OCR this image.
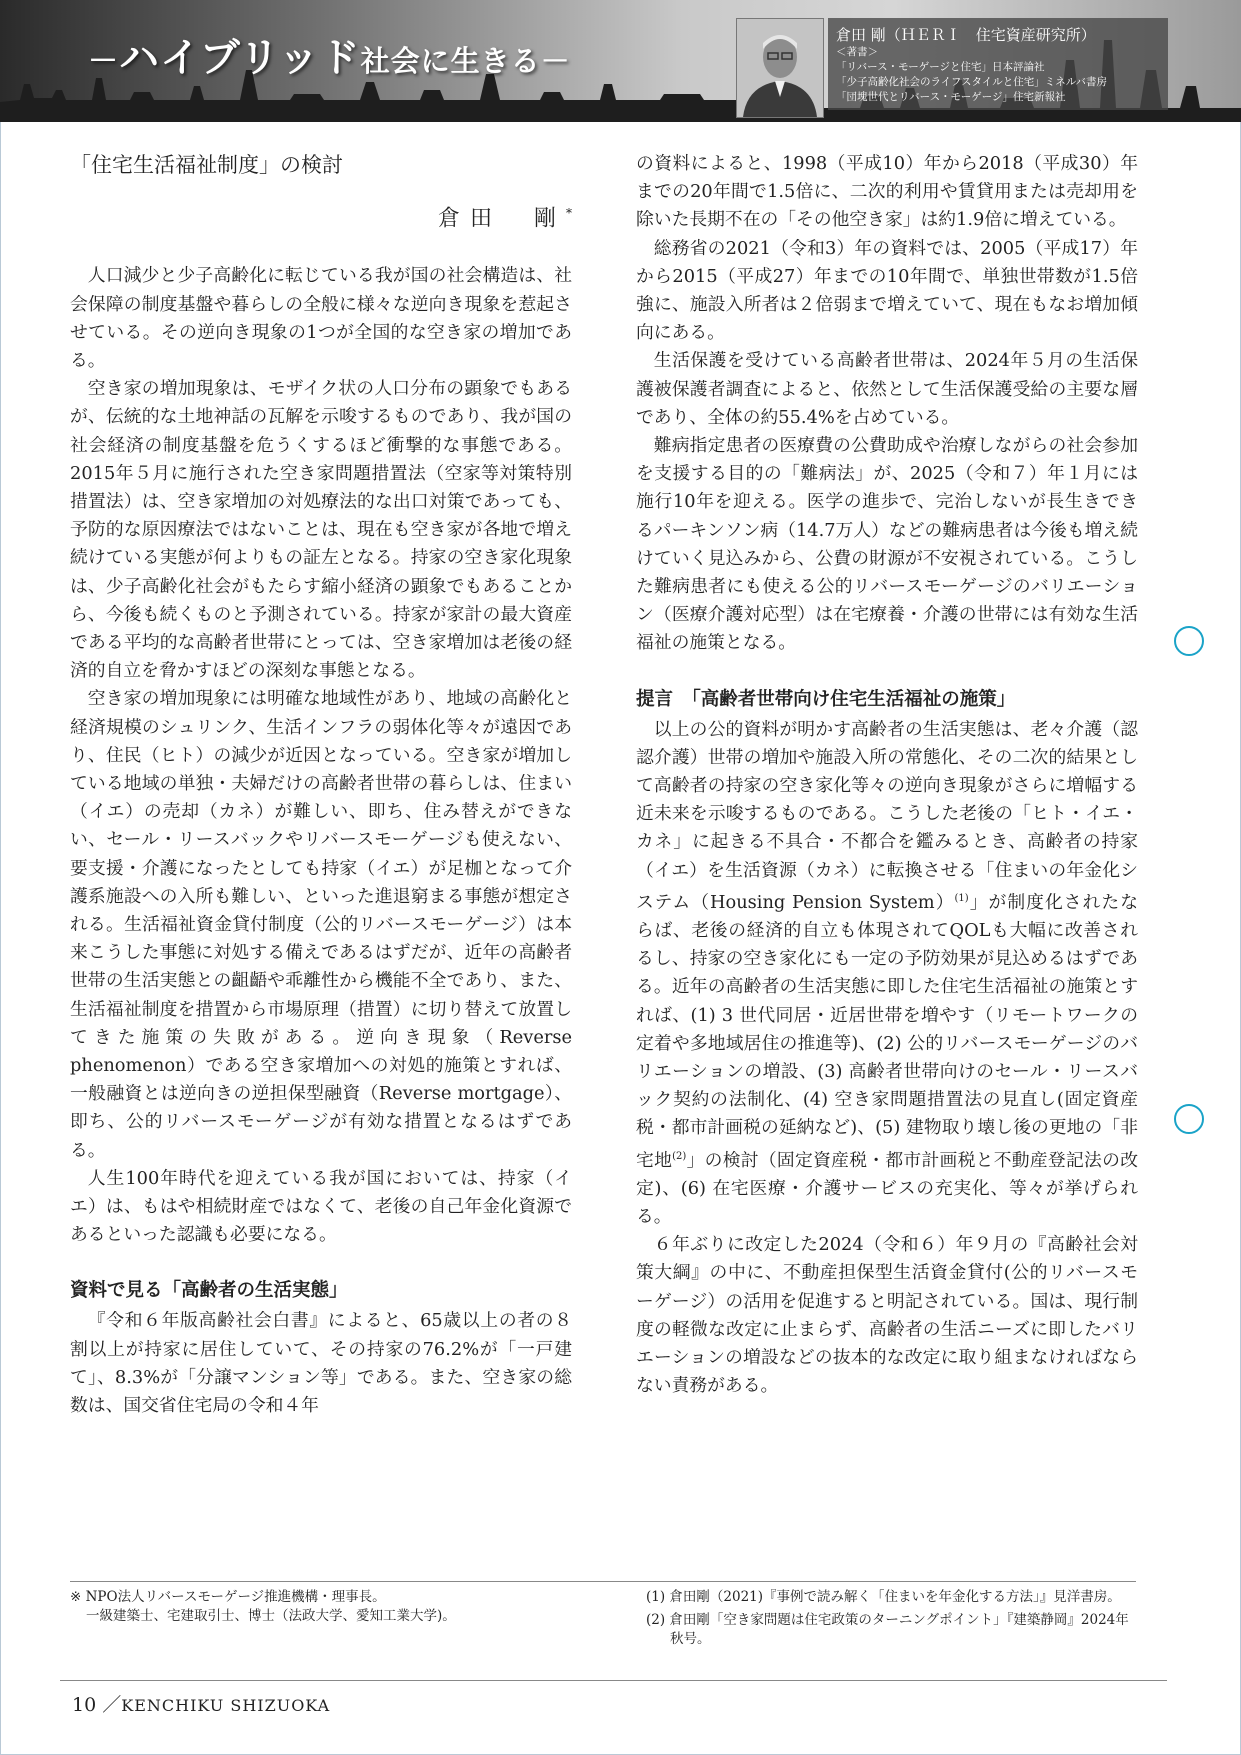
－ハイブリッド社会に生きる－
倉田 剛（ＨＥＲＩ　住宅資産研究所）
＜著書＞
「リバース・モーゲージと住宅」日本評論社
「少子高齢化社会のライフスタイルと住宅」ミネルバ書房
「団塊世代とリバース・モーゲージ」住宅新報社
「住宅生活福祉制度」の検討
倉田　剛*

人口減少と少子高齢化に転じている我が国の社会構造は、社会保障の制度基盤や暮らしの全般に様々な逆向き現象を惹起させている。その逆向き現象の1つが全国的な空き家の増加である。

空き家の増加現象は、モザイク状の人口分布の顕象でもあるが、伝統的な土地神話の瓦解を示唆するものであり、我が国の社会経済の制度基盤を危うくするほど衝撃的な事態である。2015年５月に施行された空き家問題措置法（空家等対策特別措置法）は、空き家増加の対処療法的な出口対策であっても、予防的な原因療法ではないことは、現在も空き家が各地で増え続けている実態が何よりもの証左となる。持家の空き家化現象は、少子高齢化社会がもたらす縮小経済の顕象でもあることから、今後も続くものと予測されている。持家が家計の最大資産である平均的な高齢者世帯にとっては、空き家増加は老後の経済的自立を脅かすほどの深刻な事態となる。

空き家の増加現象には明確な地域性があり、地域の高齢化と経済規模のシュリンク、生活インフラの弱体化等々が遠因であり、住民（ヒト）の減少が近因となっている。空き家が増加している地域の単独・夫婦だけの高齢者世帯の暮らしは、住まい（イエ）の売却（カネ）が難しい、即ち、住み替えができない、セール・リースバックやリバースモーゲージも使えない、要支援・介護になったとしても持家（イエ）が足枷となって介護系施設への入所も難しい、といった進退窮まる事態が想定される。生活福祉資金貸付制度（公的リバースモーゲージ）は本来こうした事態に対処する備えであるはずだが、近年の高齢者世帯の生活実態との齟齬や乖離性から機能不全であり、また、生活福祉制度を措置から市場原理（措置）に切り替えて放置してきた施策の失敗がある。逆向き現象（Reverse phenomenon）である空き家増加への対処的施策とすれば、一般融資とは逆向きの逆担保型融資（Reverse mortgage）、即ち、公的リバースモーゲージが有効な措置となるはずである。

人生100年時代を迎えている我が国においては、持家（イエ）は、もはや相続財産ではなくて、老後の自己年金化資源であるといった認識も必要になる。

資料で見る「高齢者の生活実態」

『令和６年版高齢社会白書』によると、65歳以上の者の８割以上が持家に居住していて、その持家の76.2%が「一戸建て」、8.3%が「分譲マンション等」である。また、空き家の総数は、国交省住宅局の令和４年

の資料によると、1998（平成10）年から2018（平成30）年までの20年間で1.5倍に、二次的利用や賃貸用または売却用を除いた長期不在の「その他空き家」は約1.9倍に増えている。

総務省の2021（令和3）年の資料では、2005（平成17）年から2015（平成27）年までの10年間で、単独世帯数が1.5倍強に、施設入所者は２倍弱まで増えていて、現在もなお増加傾向にある。

生活保護を受けている高齢者世帯は、2024年５月の生活保護被保護者調査によると、依然として生活保護受給の主要な層であり、全体の約55.4%を占めている。

難病指定患者の医療費の公費助成や治療しながらの社会参加を支援する目的の「難病法」が、2025（令和７）年１月には施行10年を迎える。医学の進歩で、完治しないが長生きできるパーキンソン病（14.7万人）などの難病患者は今後も増え続けていく見込みから、公費の財源が不安視されている。こうした難病患者にも使える公的リバースモーゲージのバリエーション（医療介護対応型）は在宅療養・介護の世帯には有効な生活福祉の施策となる。

提言　「高齢者世帯向け住宅生活福祉の施策」

以上の公的資料が明かす高齢者の生活実態は、老々介護（認認介護）世帯の増加や施設入所の常態化、その二次的結果として高齢者の持家の空き家化等々の逆向き現象がさらに増幅する近未来を示唆するものである。こうした老後の「ヒト・イエ・カネ」に起きる不具合・不都合を鑑みるとき、高齢者の持家（イエ）を生活資源（カネ）に転換させる「住まいの年金化システム（Housing Pension System）$^{(1)}$」が制度化されたならば、老後の経済的自立も体現されてQOLも大幅に改善されるし、持家の空き家化にも一定の予防効果が見込めるはずである。近年の高齢者の生活実態に即した住宅生活福祉の施策とすれば、(1) 3 世代同居・近居世帯を増やす（リモートワークの定着や多地域居住の推進等)、(2) 公的リバースモーゲージのバリエーションの増設、(3) 高齢者世帯向けのセール・リースバック契約の法制化、(4) 空き家問題措置法の見直し(固定資産税・都市計画税の延納など)、(5) 建物取り壊し後の更地の「非宅地$^{(2)}$」の検討（固定資産税・都市計画税と不動産登記法の改定)、(6) 在宅医療・介護サービスの充実化、等々が挙げられる。

６年ぶりに改定した2024（令和６）年９月の『高齢社会対策大綱』の中に、不動産担保型生活資金貸付(公的リバースモーゲージ）の活用を促進すると明記されている。国は、現行制度の軽微な改定に止まらず、高齢者の生活ニーズに即したバリエーションの増設などの抜本的な改定に取り組まなければならない責務がある。

※ NPO法人リバースモーゲージ推進機構・理事長。
一級建築士、宅建取引士、博士（法政大学、愛知工業大学)。
(1) 倉田剛（2021)『事例で読み解く「住まいを年金化する方法」』見洋書房。
(2) 倉田剛「空き家問題は住宅政策のターニングポイント」『建築静岡』2024年秋号。
10 ／KENCHIKU SHIZUOKA
